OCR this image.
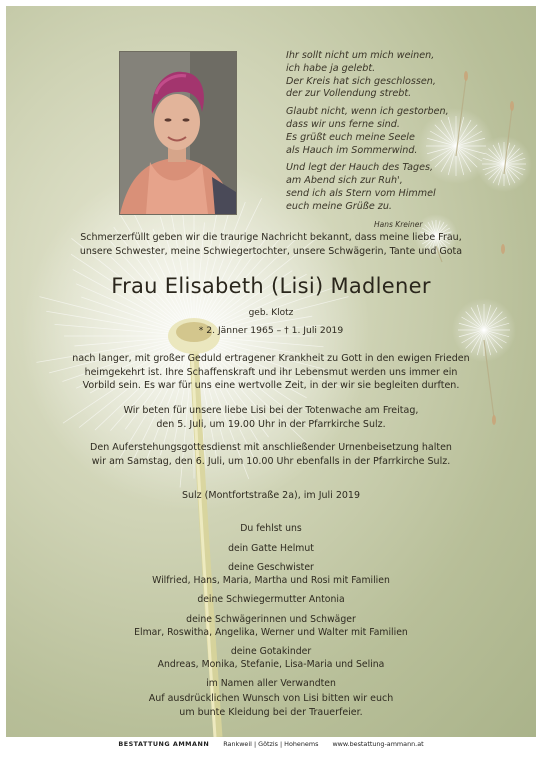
Ihr sollt nicht um mich weinen,
ich habe ja gelebt.
Der Kreis hat sich geschlossen,
der zur Vollendung strebt.

Glaubt nicht, wenn ich gestorben,
dass wir uns ferne sind.
Es grüßt euch meine Seele
als Hauch im Sommerwind.

Und legt der Hauch des Tages,
am Abend sich zur Ruh',
send ich als Stern vom Himmel
euch meine Grüße zu.

Hans Kreiner
Schmerzerfüllt geben wir die traurige Nachricht bekannt, dass meine liebe Frau,
unsere Schwester, meine Schwiegertochter, unsere Schwägerin, Tante und Gota
Frau Elisabeth (Lisi) Madlener
geb. Klotz
* 2. Jänner 1965 – † 1. Juli 2019
nach langer, mit großer Geduld ertragener Krankheit zu Gott in den ewigen Frieden
heimgekehrt ist. Ihre Schaffenskraft und ihr Lebensmut werden uns immer ein
Vorbild sein. Es war für uns eine wertvolle Zeit, in der wir sie begleiten durften.
Wir beten für unsere liebe Lisi bei der Totenwache am Freitag,
den 5. Juli, um 19.00 Uhr in der Pfarrkirche Sulz.
Den Auferstehungsgottesdienst mit anschließender Urnenbeisetzung halten
wir am Samstag, den 6. Juli, um 10.00 Uhr ebenfalls in der Pfarrkirche Sulz.
Sulz (Montfortstraße 2a), im Juli 2019
Du fehlst uns
dein Gatte Helmut
deine Geschwister
Wilfried, Hans, Maria, Martha und Rosi mit Familien
deine Schwiegermutter Antonia
deine Schwägerinnen und Schwäger
Elmar, Roswitha, Angelika, Werner und Walter mit Familien
deine Gotakinder
Andreas, Monika, Stefanie, Lisa-Maria und Selina
im Namen aller Verwandten
Auf ausdrücklichen Wunsch von Lisi bitten wir euch
um bunte Kleidung bei der Trauerfeier.
BESTATTUNG AMMANN Rankweil | Götzis | Hohenems www.bestattung-ammann.at
